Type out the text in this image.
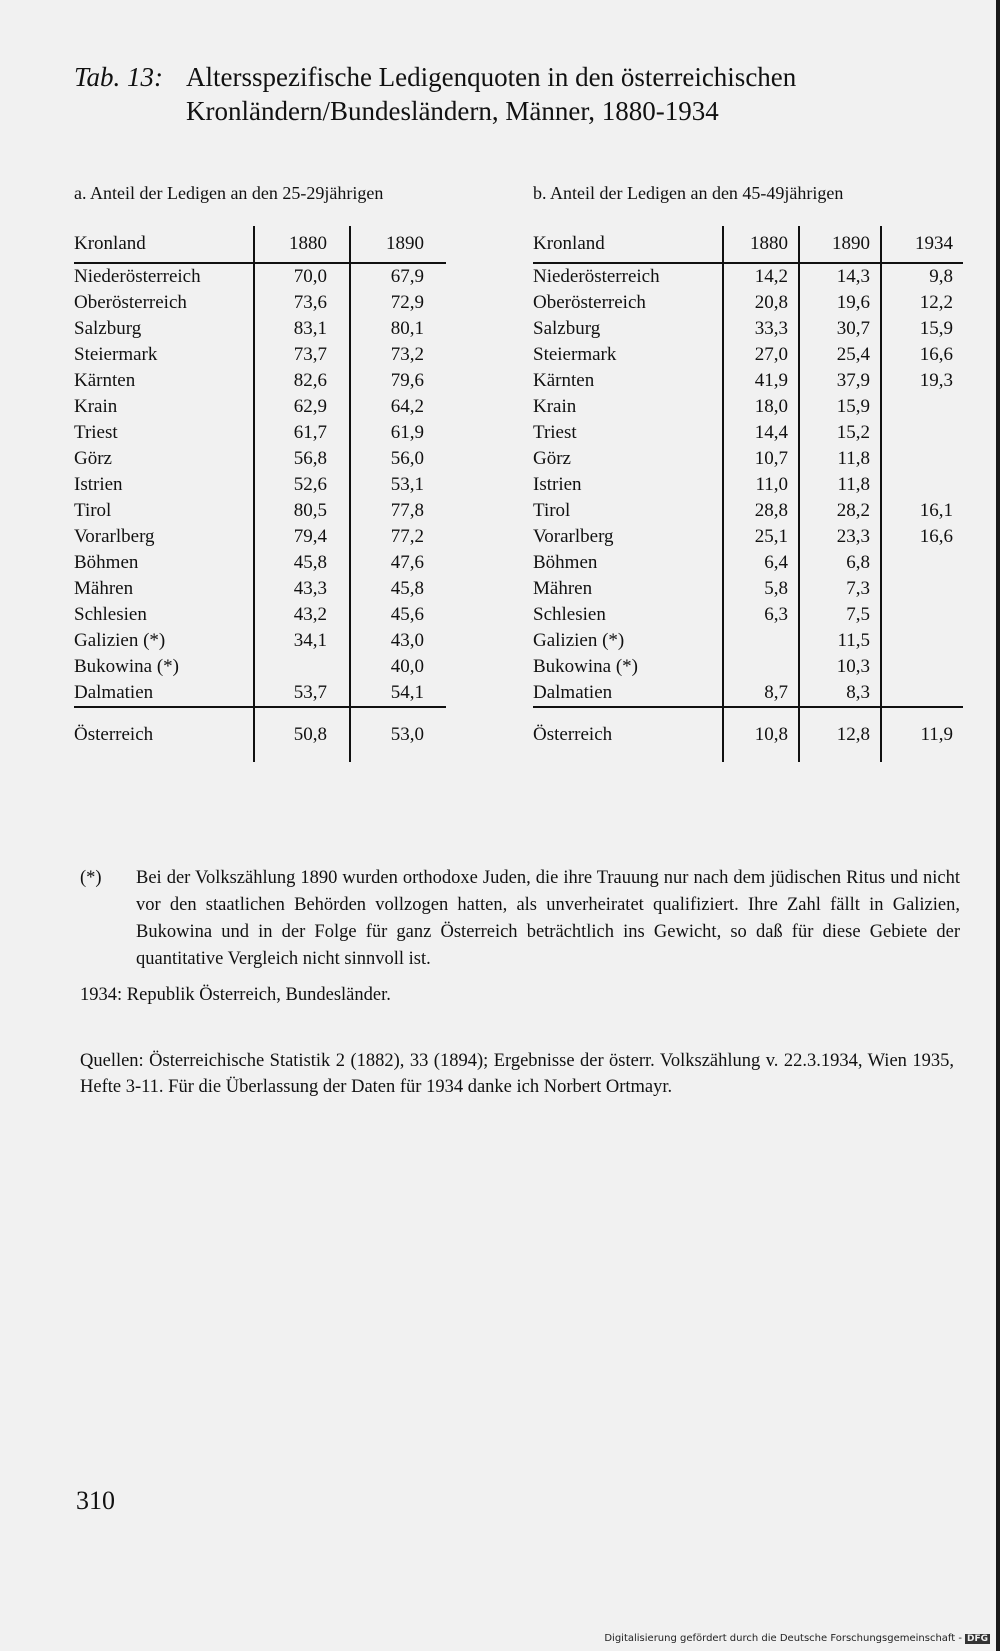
Tab. 13: Altersspezifische Ledigenquoten in den österreichischen Kronländern/Bundesländern, Männer, 1880-1934
a. Anteil der Ledigen an den 25-29jährigen	b. Anteil der Ledigen an den 45-49jährigen
Kronland	1880	1890
Niederösterreich	70,0	67,9
Oberösterreich	73,6	72,9
Salzburg	83,1	80,1
Steiermark	73,7	73,2
Kärnten	82,6	79,6
Krain	62,9	64,2
Triest	61,7	61,9
Görz	56,8	56,0
Istrien	52,6	53,1
Tirol	80,5	77,8
Vorarlberg	79,4	77,2
Böhmen	45,8	47,6
Mähren	43,3	45,8
Schlesien	43,2	45,6
Galizien (*)	34,1	43,0
Bukowina (*)		40,0
Dalmatien	53,7	54,1
Österreich	50,8	53,0
Kronland	1880	1890	1934
Niederösterreich	14,2	14,3	9,8
Oberösterreich	20,8	19,6	12,2
Salzburg	33,3	30,7	15,9
Steiermark	27,0	25,4	16,6
Kärnten	41,9	37,9	19,3
Krain	18,0	15,9	
Triest	14,4	15,2	
Görz	10,7	11,8	
Istrien	11,0	11,8	
Tirol	28,8	28,2	16,1
Vorarlberg	25,1	23,3	16,6
Böhmen	6,4	6,8	
Mähren	5,8	7,3	
Schlesien	6,3	7,5	
Galizien (*)		11,5	
Bukowina (*)		10,3	
Dalmatien	8,7	8,3	
Österreich	10,8	12,8	11,9
(*) Bei der Volkszählung 1890 wurden orthodoxe Juden, die ihre Trauung nur nach dem jüdischen Ritus und nicht vor den staatlichen Behörden vollzogen hatten, als unverheiratet qualifiziert. Ihre Zahl fällt in Galizien, Bukowina und in der Folge für ganz Österreich beträchtlich ins Gewicht, so daß für diese Gebiete der quantitative Vergleich nicht sinnvoll ist.
1934: Republik Österreich, Bundesländer.
Quellen: Österreichische Statistik 2 (1882), 33 (1894); Ergebnisse der österr. Volkszählung v. 22.3.1934, Wien 1935, Hefte 3-11. Für die Überlassung der Daten für 1934 danke ich Norbert Ortmayr.
310
Digitalisierung gefördert durch die Deutsche Forschungsgemeinschaft - DFG
